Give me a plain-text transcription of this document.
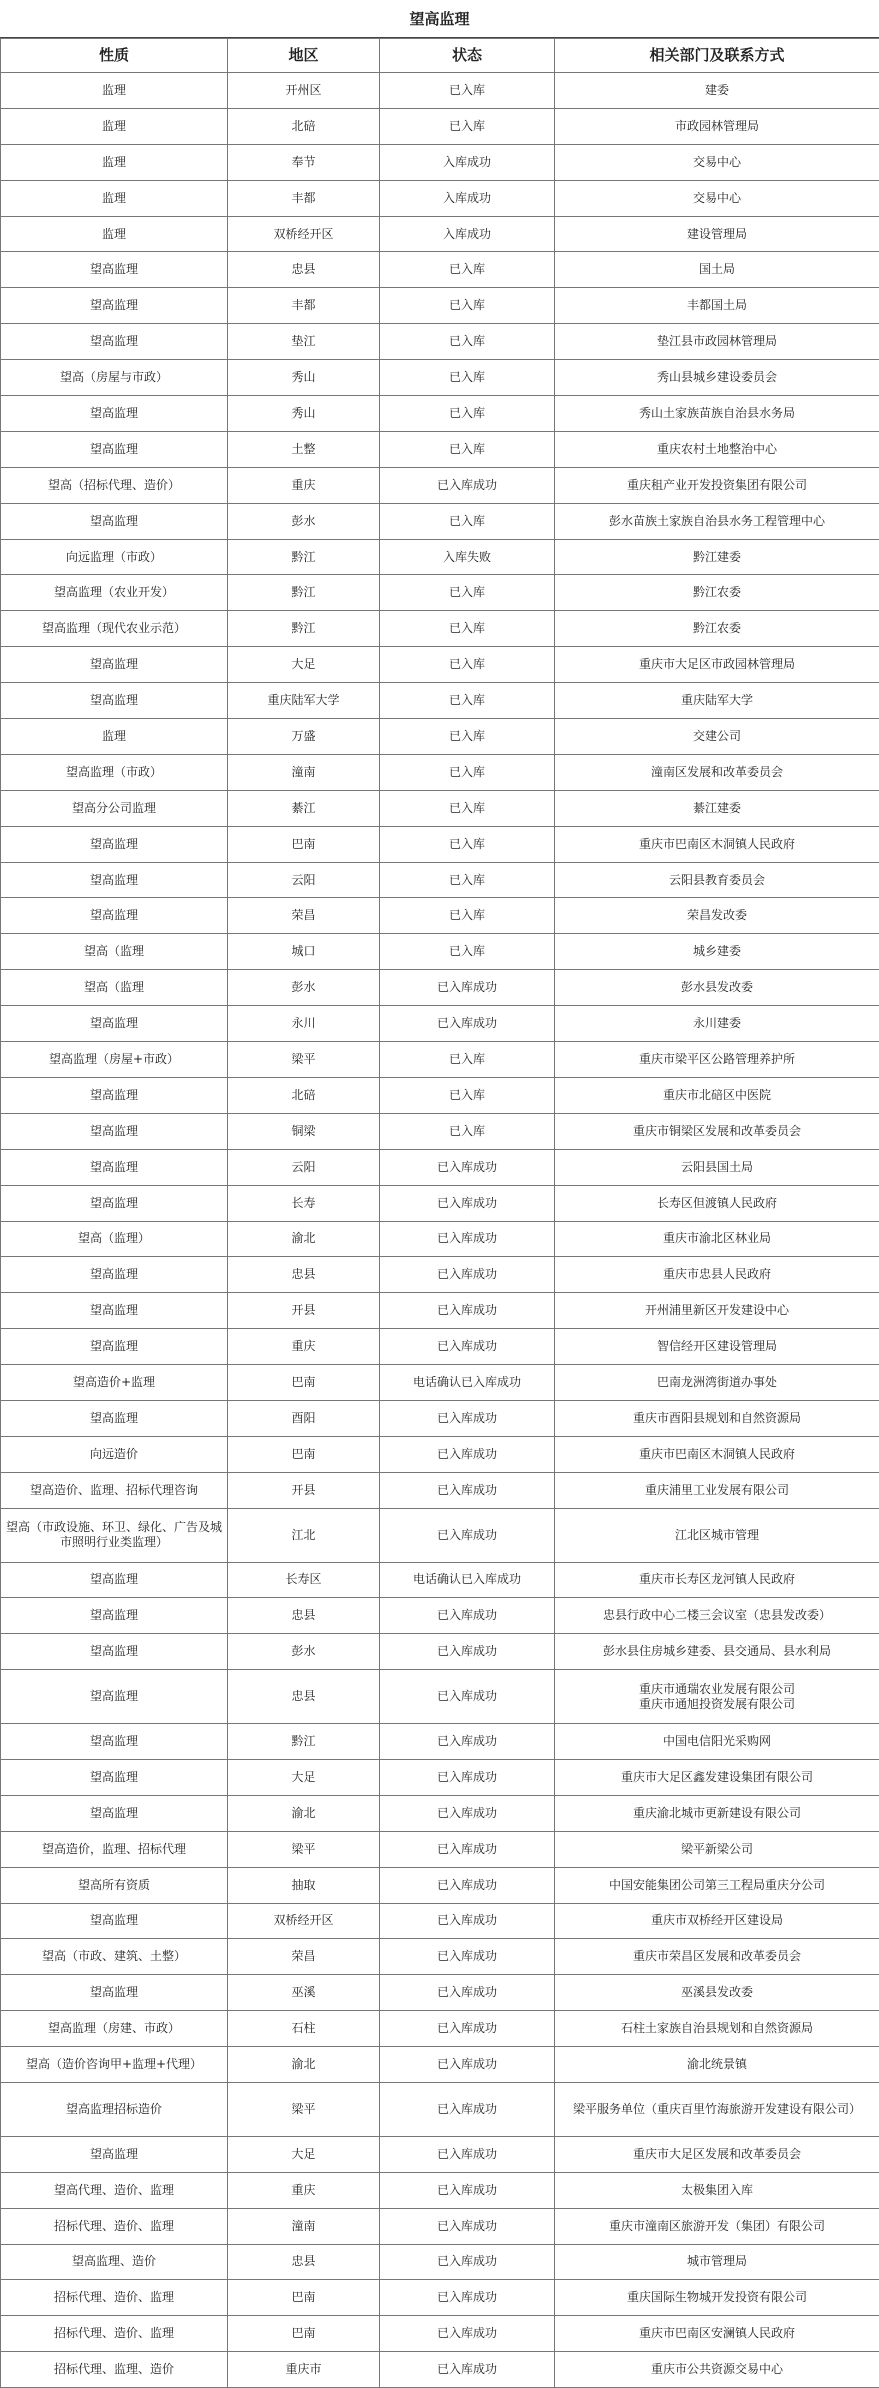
望高监理
性质	地区	状态	相关部门及联系方式

监理	开州区	已入库	建委

监理	北碚	已入库	市政园林管理局

监理	奉节	入库成功	交易中心

监理	丰都	入库成功	交易中心

监理	双桥经开区	入库成功	建设管理局

望高监理	忠县	已入库	国土局

望高监理	丰都	已入库	丰都国土局

望高监理	垫江	已入库	垫江县市政园林管理局

望高（房屋与市政）	秀山	已入库	秀山县城乡建设委员会

望高监理	秀山	已入库	秀山土家族苗族自治县水务局

望高监理	土整	已入库	重庆农村土地整治中心

望高（招标代理、造价）	重庆	已入库成功	重庆租产业开发投资集团有限公司

望高监理	彭水	已入库	彭水苗族土家族自治县水务工程管理中心

向远监理（市政）	黔江	入库失败	黔江建委

望高监理（农业开发）	黔江	已入库	黔江农委

望高监理（现代农业示范）	黔江	已入库	黔江农委

望高监理	大足	已入库	重庆市大足区市政园林管理局

望高监理	重庆陆军大学	已入库	重庆陆军大学

监理	万盛	已入库	交建公司

望高监理（市政）	潼南	已入库	潼南区发展和改革委员会

望高分公司监理	綦江	已入库	綦江建委

望高监理	巴南	已入库	重庆市巴南区木洞镇人民政府

望高监理	云阳	已入库	云阳县教育委员会

望高监理	荣昌	已入库	荣昌发改委

望高（监理	城口	已入库	城乡建委

望高（监理	彭水	已入库成功	彭水县发改委

望高监理	永川	已入库成功	永川建委

望高监理（房屋+市政）	梁平	已入库	重庆市梁平区公路管理养护所

望高监理	北碚	已入库	重庆市北碚区中医院

望高监理	铜梁	已入库	重庆市铜梁区发展和改革委员会

望高监理	云阳	已入库成功	云阳县国土局

望高监理	长寿	已入库成功	长寿区但渡镇人民政府

望高（监理）	渝北	已入库成功	重庆市渝北区林业局

望高监理	忠县	已入库成功	重庆市忠县人民政府

望高监理	开县	已入库成功	开州浦里新区开发建设中心

望高监理	重庆	已入库成功	智信经开区建设管理局

望高造价+监理	巴南	电话确认已入库成功	巴南龙洲湾街道办事处

望高监理	酉阳	已入库成功	重庆市酉阳县规划和自然资源局

向远造价	巴南	已入库成功	重庆市巴南区木洞镇人民政府

望高造价、监理、招标代理咨询	开县	已入库成功	重庆浦里工业发展有限公司

望高（市政设施、环卫、绿化、广告及城市照明行业类监理）	江北	已入库成功	江北区城市管理

望高监理	长寿区	电话确认已入库成功	重庆市长寿区龙河镇人民政府

望高监理	忠县	已入库成功	忠县行政中心二楼三会议室（忠县发改委）

望高监理	彭水	已入库成功	彭水县住房城乡建委、县交通局、县水利局

望高监理	忠县	已入库成功	重庆市通瑞农业发展有限公司
重庆市通旭投资发展有限公司

望高监理	黔江	已入库成功	中国电信阳光采购网

望高监理	大足	已入库成功	重庆市大足区鑫发建设集团有限公司

望高监理	渝北	已入库成功	重庆渝北城市更新建设有限公司

望高造价，监理、招标代理	梁平	已入库成功	梁平新梁公司

望高所有资质	抽取	已入库成功	中国安能集团公司第三工程局重庆分公司

望高监理	双桥经开区	已入库成功	重庆市双桥经开区建设局

望高（市政、建筑、土整）	荣昌	已入库成功	重庆市荣昌区发展和改革委员会

望高监理	巫溪	已入库成功	巫溪县发改委

望高监理（房建、市政）	石柱	已入库成功	石柱土家族自治县规划和自然资源局

望高（造价咨询甲+监理+代理）	渝北	已入库成功	渝北统景镇

望高监理招标造价	梁平	已入库成功	梁平服务单位（重庆百里竹海旅游开发建设有限公司）

望高监理	大足	已入库成功	重庆市大足区发展和改革委员会

望高代理、造价、监理	重庆	已入库成功	太极集团入库

招标代理、造价、监理	潼南	已入库成功	重庆市潼南区旅游开发（集团）有限公司

望高监理、造价	忠县	已入库成功	城市管理局

招标代理、造价、监理	巴南	已入库成功	重庆国际生物城开发投资有限公司

招标代理、造价、监理	巴南	已入库成功	重庆市巴南区安澜镇人民政府

招标代理、监理、造价	重庆市	已入库成功	重庆市公共资源交易中心
